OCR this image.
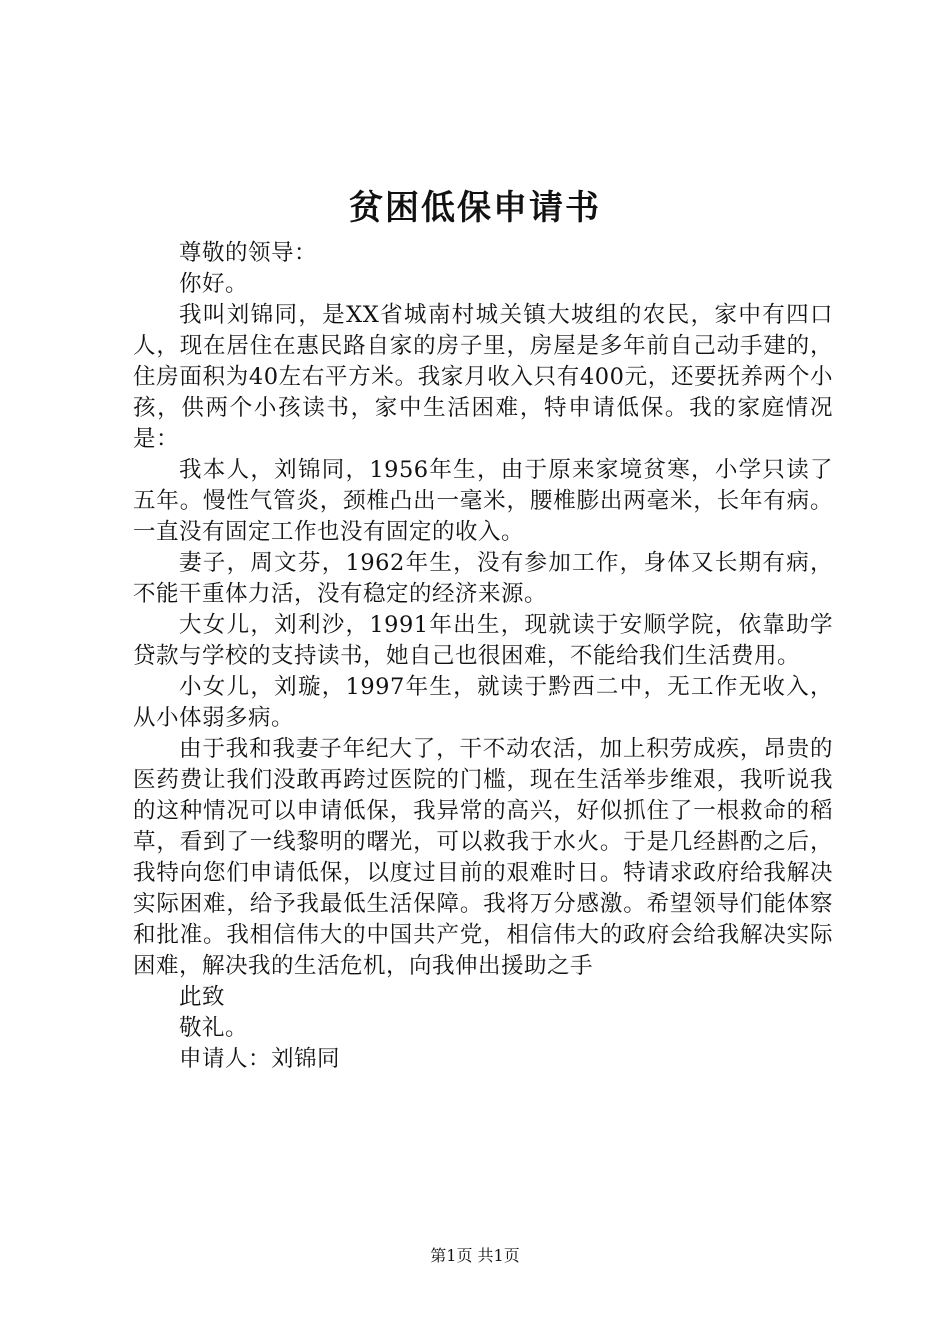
贫困低保申请书

尊敬的领导：

你好。

我叫刘锦同，是XX省城南村城关镇大坡组的农民，家中有四口人，现在居住在惠民路自家的房子里，房屋是多年前自己动手建的，住房面积为40左右平方米。我家月收入只有400元，还要抚养两个小孩，供两个小孩读书，家中生活困难，特申请低保。我的家庭情况是：

我本人，刘锦同，1956年生，由于原来家境贫寒，小学只读了五年。慢性气管炎，颈椎凸出一毫米，腰椎膨出两毫米，长年有病。一直没有固定工作也没有固定的收入。

妻子，周文芬，1962年生，没有参加工作，身体又长期有病，不能干重体力活，没有稳定的经济来源。

大女儿，刘利沙，1991年出生，现就读于安顺学院，依靠助学贷款与学校的支持读书，她自己也很困难，不能给我们生活费用。

小女儿，刘璇，1997年生，就读于黔西二中，无工作无收入，从小体弱多病。

由于我和我妻子年纪大了，干不动农活，加上积劳成疾，昂贵的医药费让我们没敢再跨过医院的门槛，现在生活举步维艰，我听说我的这种情况可以申请低保，我异常的高兴，好似抓住了一根救命的稻草，看到了一线黎明的曙光，可以救我于水火。于是几经斟酌之后，我特向您们申请低保，以度过目前的艰难时日。特请求政府给我解决实际困难，给予我最低生活保障。我将万分感激。希望领导们能体察和批准。我相信伟大的中国共产党，相信伟大的政府会给我解决实际困难，解决我的生活危机，向我伸出援助之手

此致

敬礼。

申请人：刘锦同

第1页 共1页
